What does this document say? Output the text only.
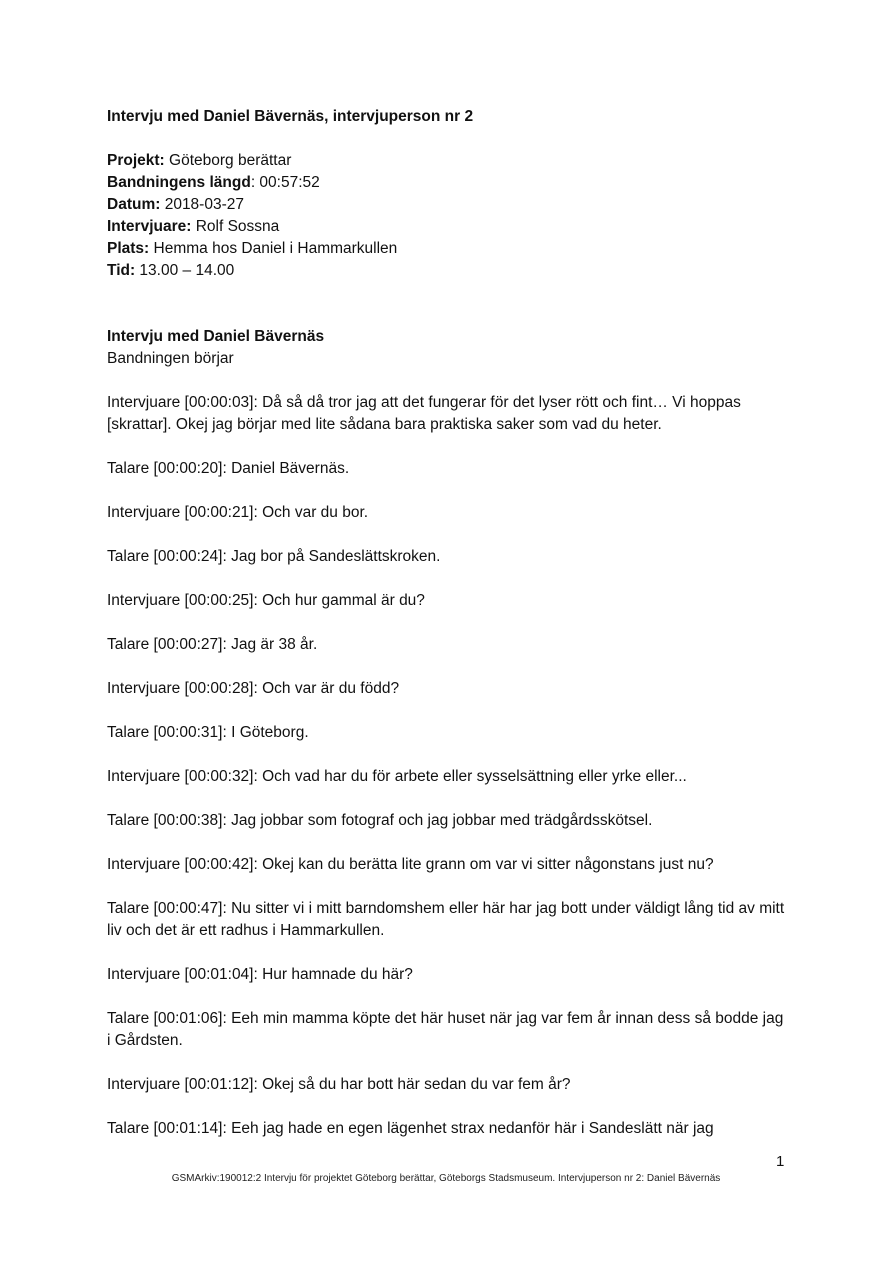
Intervju med Daniel Bävernäs, intervjuperson nr 2

Projekt: Göteborg berättar
Bandningens längd: 00:57:52
Datum: 2018-03-27
Intervjuare: Rolf Sossna
Plats: Hemma hos Daniel i Hammarkullen
Tid: 13.00 – 14.00
Intervju med Daniel Bävernäs
Bandningen börjar

Intervjuare [00:00:03]: Då så då tror jag att det fungerar för det lyser rött och fint… Vi hoppas [skrattar]. Okej jag börjar med lite sådana bara praktiska saker som vad du heter.

Talare [00:00:20]: Daniel Bävernäs.

Intervjuare [00:00:21]: Och var du bor.

Talare [00:00:24]: Jag bor på Sandeslättskroken.

Intervjuare [00:00:25]: Och hur gammal är du?

Talare [00:00:27]: Jag är 38 år.

Intervjuare [00:00:28]: Och var är du född?

Talare [00:00:31]: I Göteborg.

Intervjuare [00:00:32]: Och vad har du för arbete eller sysselsättning eller yrke eller...

Talare [00:00:38]: Jag jobbar som fotograf och jag jobbar med trädgårdsskötsel.

Intervjuare [00:00:42]: Okej kan du berätta lite grann om var vi sitter någonstans just nu?

Talare [00:00:47]: Nu sitter vi i mitt barndomshem eller här har jag bott under väldigt lång tid av mitt liv och det är ett radhus i Hammarkullen.

Intervjuare [00:01:04]: Hur hamnade du här?

Talare [00:01:06]: Eeh min mamma köpte det här huset när jag var fem år innan dess så bodde jag i Gårdsten.

Intervjuare [00:01:12]: Okej så du har bott här sedan du var fem år?

Talare [00:01:14]: Eeh jag hade en egen lägenhet strax nedanför här i Sandeslätt när jag

1
GSMArkiv:190012:2 Intervju för projektet Göteborg berättar, Göteborgs Stadsmuseum. Intervjuperson nr 2: Daniel Bävernäs
